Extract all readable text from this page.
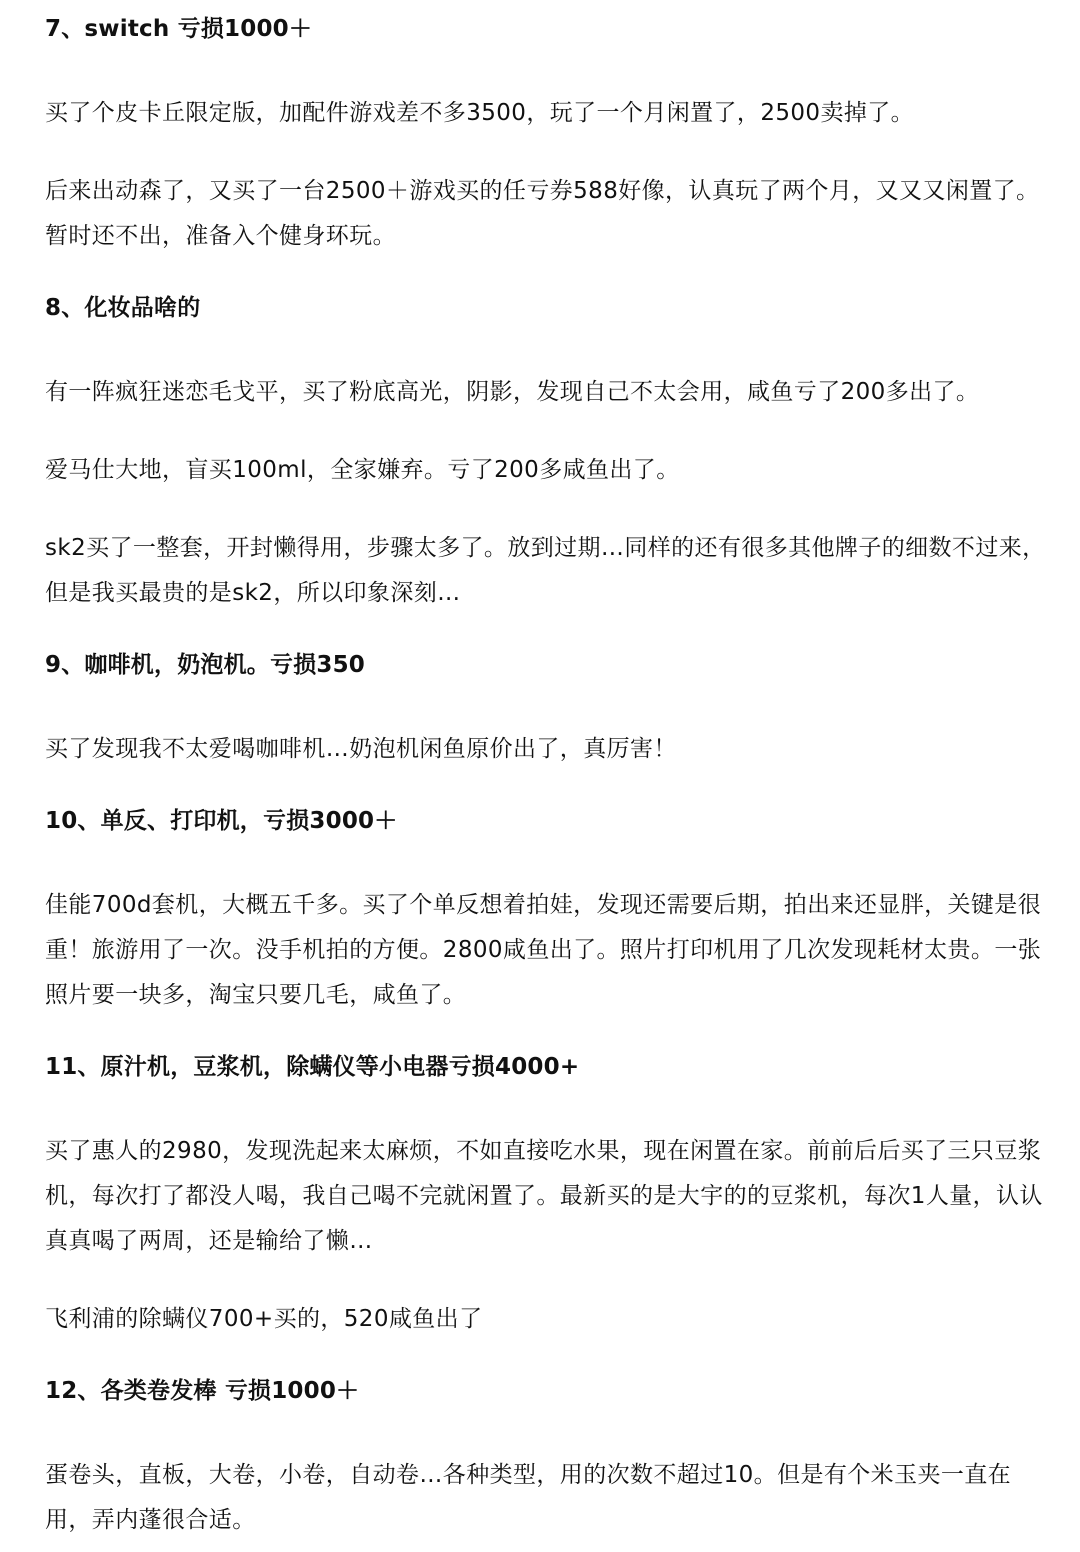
7、switch 亏损1000＋

买了个皮卡丘限定版，加配件游戏差不多3500，玩了一个月闲置了，2500卖掉了。

后来出动森了，又买了一台2500＋游戏买的任亏券588好像，认真玩了两个月，又又又闲置了。暂时还不出，准备入个健身环玩。

8、化妆品啥的

有一阵疯狂迷恋毛戈平，买了粉底高光，阴影，发现自己不太会用，咸鱼亏了200多出了。

爱马仕大地，盲买100ml，全家嫌弃。亏了200多咸鱼出了。

sk2买了一整套，开封懒得用，步骤太多了。放到过期…同样的还有很多其他牌子的细数不过来，但是我买最贵的是sk2，所以印象深刻…

9、咖啡机，奶泡机。亏损350

买了发现我不太爱喝咖啡机…奶泡机闲鱼原价出了，真厉害！

10、单反、打印机，亏损3000＋

佳能700d套机，大概五千多。买了个单反想着拍娃，发现还需要后期，拍出来还显胖，关键是很重！旅游用了一次。没手机拍的方便。2800咸鱼出了。照片打印机用了几次发现耗材太贵。一张照片要一块多，淘宝只要几毛，咸鱼了。

11、原汁机，豆浆机，除螨仪等小电器亏损4000+

买了惠人的2980，发现洗起来太麻烦，不如直接吃水果，现在闲置在家。前前后后买了三只豆浆机，每次打了都没人喝，我自己喝不完就闲置了。最新买的是大宇的的豆浆机，每次1人量，认认真真喝了两周，还是输给了懒…

飞利浦的除螨仪700+买的，520咸鱼出了

12、各类卷发棒 亏损1000＋

蛋卷头，直板，大卷，小卷，自动卷…各种类型，用的次数不超过10。但是有个米玉夹一直在用，弄内蓬很合适。
